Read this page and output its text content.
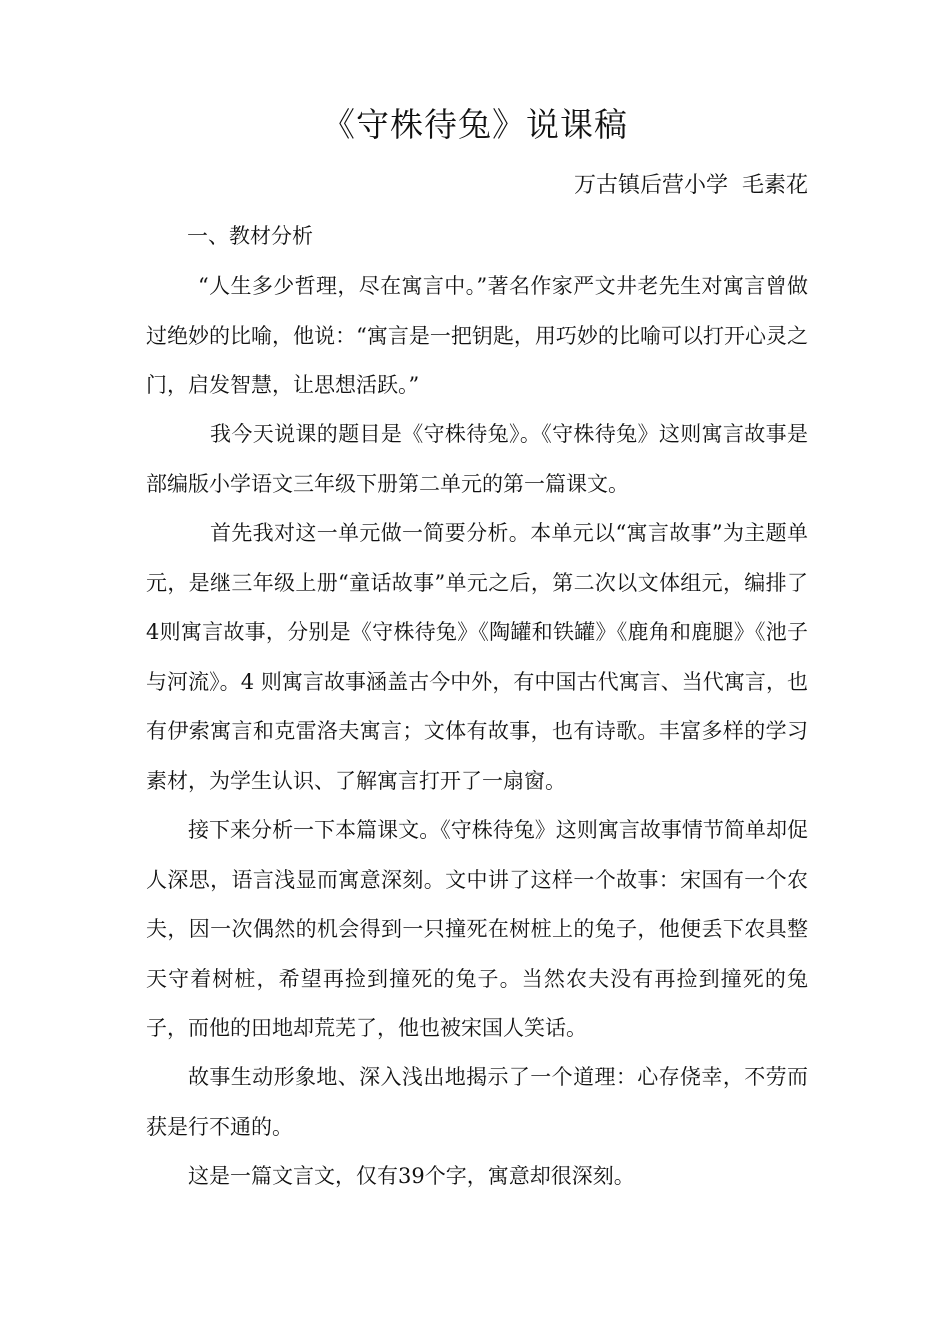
《守株待兔》说课稿
万古镇后营小学  毛素花
一、教材分析
“人生多少哲理，尽在寓言中。”著名作家严文井老先生对寓言曾做过绝妙的比喻，他说：“寓言是一把钥匙，用巧妙的比喻可以打开心灵之门，启发智慧，让思想活跃。”
我今天说课的题目是《守株待兔》。《守株待兔》这则寓言故事是部编版小学语文三年级下册第二单元的第一篇课文。
首先我对这一单元做一简要分析。本单元以“寓言故事”为主题单元，是继三年级上册“童话故事”单元之后，第二次以文体组元，编排了4则寓言故事，分别是《守株待兔》《陶罐和铁罐》《鹿角和鹿腿》《池子与河流》。4 则寓言故事涵盖古今中外，有中国古代寓言、当代寓言，也有伊索寓言和克雷洛夫寓言；文体有故事，也有诗歌。丰富多样的学习素材，为学生认识、了解寓言打开了一扇窗。
接下来分析一下本篇课文。《守株待兔》这则寓言故事情节简单却促人深思，语言浅显而寓意深刻。文中讲了这样一个故事：宋国有一个农夫，因一次偶然的机会得到一只撞死在树桩上的兔子，他便丢下农具整天守着树桩，希望再捡到撞死的兔子。当然农夫没有再捡到撞死的兔子，而他的田地却荒芜了，他也被宋国人笑话。
故事生动形象地、深入浅出地揭示了一个道理：心存侥幸，不劳而获是行不通的。
这是一篇文言文，仅有39个字，寓意却很深刻。
